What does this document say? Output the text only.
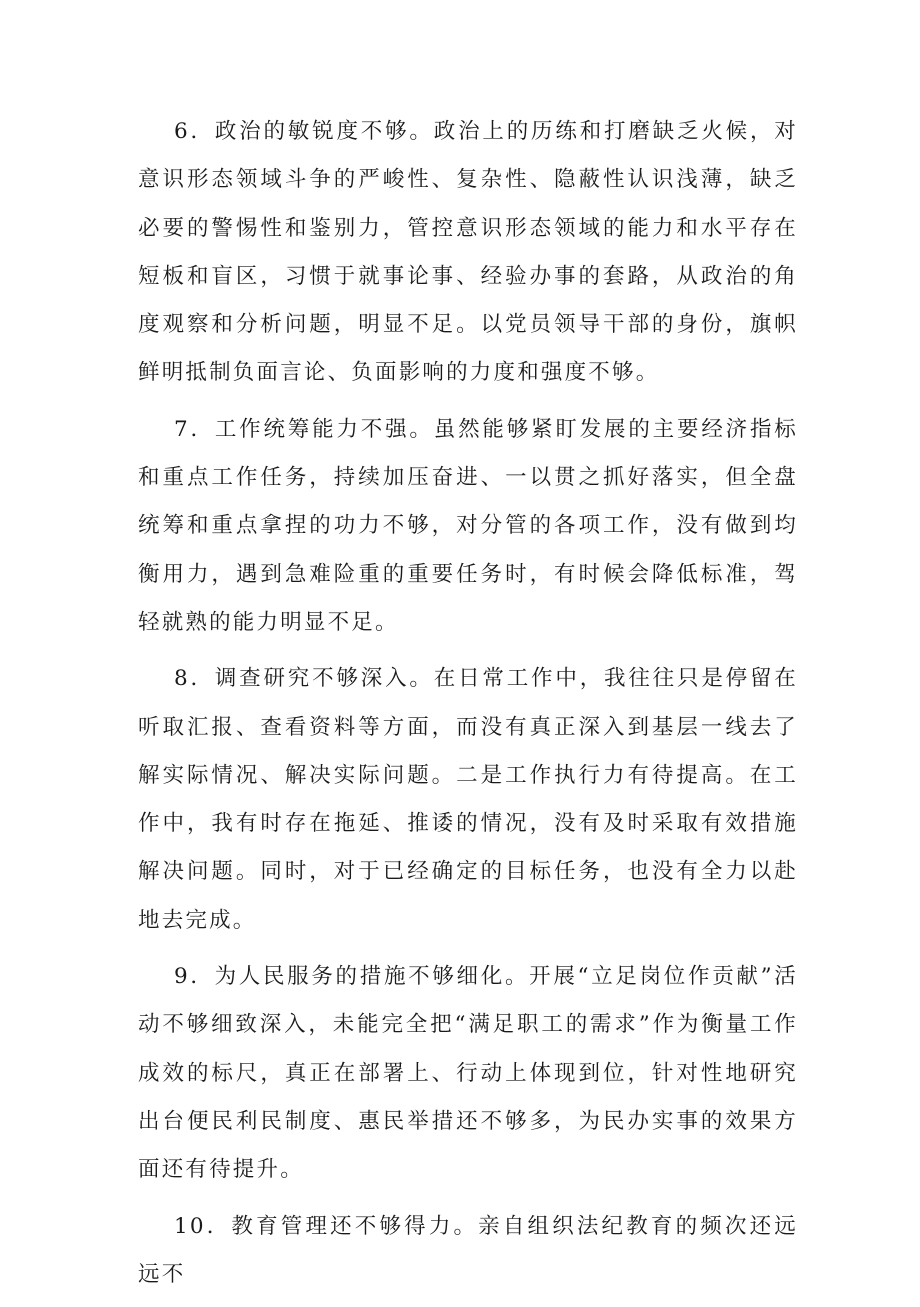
6．政治的敏锐度不够。政治上的历练和打磨缺乏火候，对意识形态领域斗争的严峻性、复杂性、隐蔽性认识浅薄，缺乏必要的警惕性和鉴别力，管控意识形态领域的能力和水平存在短板和盲区，习惯于就事论事、经验办事的套路，从政治的角度观察和分析问题，明显不足。以党员领导干部的身份，旗帜鲜明抵制负面言论、负面影响的力度和强度不够。

7．工作统筹能力不强。虽然能够紧盯发展的主要经济指标和重点工作任务，持续加压奋进、一以贯之抓好落实，但全盘统筹和重点拿捏的功力不够，对分管的各项工作，没有做到均衡用力，遇到急难险重的重要任务时，有时候会降低标准，驾轻就熟的能力明显不足。

8．调查研究不够深入。在日常工作中，我往往只是停留在听取汇报、查看资料等方面，而没有真正深入到基层一线去了解实际情况、解决实际问题。二是工作执行力有待提高。在工作中，我有时存在拖延、推诿的情况，没有及时采取有效措施解决问题。同时，对于已经确定的目标任务，也没有全力以赴地去完成。

9．为人民服务的措施不够细化。开展“立足岗位作贡献”活动不够细致深入，未能完全把“满足职工的需求”作为衡量工作成效的标尺，真正在部署上、行动上体现到位，针对性地研究出台便民利民制度、惠民举措还不够多，为民办实事的效果方面还有待提升。

10．教育管理还不够得力。亲自组织法纪教育的频次还远远不
